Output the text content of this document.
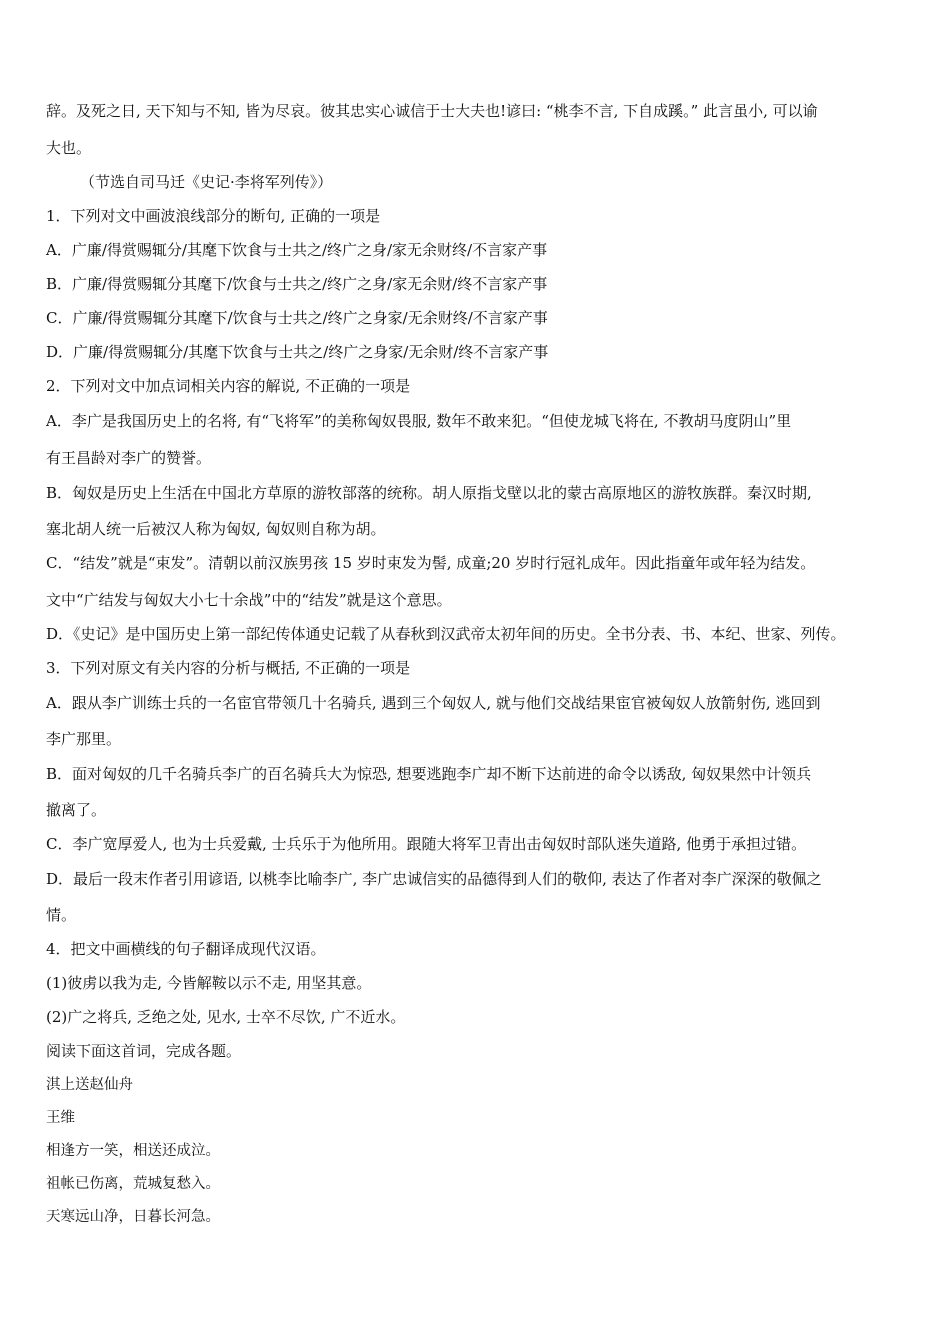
辞。及死之日, 天下知与不知, 皆为尽哀。彼其忠实心诚信于士大夫也!谚曰: “桃李不言, 下自成蹊。” 此言虽小, 可以谕
大也。
（节选自司马迁《史记·李将军列传》）
1．下列对文中画波浪线部分的断句, 正确的一项是
A．广廉/得赏赐辄分/其麾下饮食与士共之/终广之身/家无余财终/不言家产事
B．广廉/得赏赐辄分其麾下/饮食与士共之/终广之身/家无余财/终不言家产事
C．广廉/得赏赐辄分其麾下/饮食与士共之/终广之身家/无余财终/不言家产事
D．广廉/得赏赐辄分/其麾下饮食与士共之/终广之身家/无余财/终不言家产事
2．下列对文中加点词相关内容的解说, 不正确的一项是
A．李广是我国历史上的名将, 有“飞将军”的美称匈奴畏服, 数年不敢来犯。“但使龙城飞将在, 不教胡马度阴山”里
有王昌龄对李广的赞誉。
B．匈奴是历史上生活在中国北方草原的游牧部落的统称。胡人原指戈壁以北的蒙古高原地区的游牧族群。秦汉时期,
塞北胡人统一后被汉人称为匈奴, 匈奴则自称为胡。
C．“结发”就是“束发”。清朝以前汉族男孩 15 岁时束发为髻, 成童;20 岁时行冠礼成年。因此指童年或年轻为结发。
文中“广结发与匈奴大小七十余战”中的“结发”就是这个意思。
D．《史记》是中国历史上第一部纪传体通史记载了从春秋到汉武帝太初年间的历史。全书分表、书、本纪、世家、列传。
3．下列对原文有关内容的分析与概括, 不正确的一项是
A．跟从李广训练士兵的一名宦官带领几十名骑兵, 遇到三个匈奴人, 就与他们交战结果宦官被匈奴人放箭射伤, 逃回到
李广那里。
B．面对匈奴的几千名骑兵李广的百名骑兵大为惊恐, 想要逃跑李广却不断下达前进的命令以诱敌, 匈奴果然中计领兵
撤离了。
C．李广宽厚爱人, 也为士兵爱戴, 士兵乐于为他所用。跟随大将军卫青出击匈奴时部队迷失道路, 他勇于承担过错。
D．最后一段末作者引用谚语, 以桃李比喻李广, 李广忠诚信实的品德得到人们的敬仰, 表达了作者对李广深深的敬佩之
情。
4．把文中画横线的句子翻译成现代汉语。
(1)彼虏以我为走, 今皆解鞍以示不走, 用坚其意。
(2)广之将兵, 乏绝之处, 见水, 士卒不尽饮, 广不近水。
阅读下面这首词，完成各题。
淇上送赵仙舟
王维
相逢方一笑，相送还成泣。
祖帐已伤离，荒城复愁入。
天寒远山净，日暮长河急。
